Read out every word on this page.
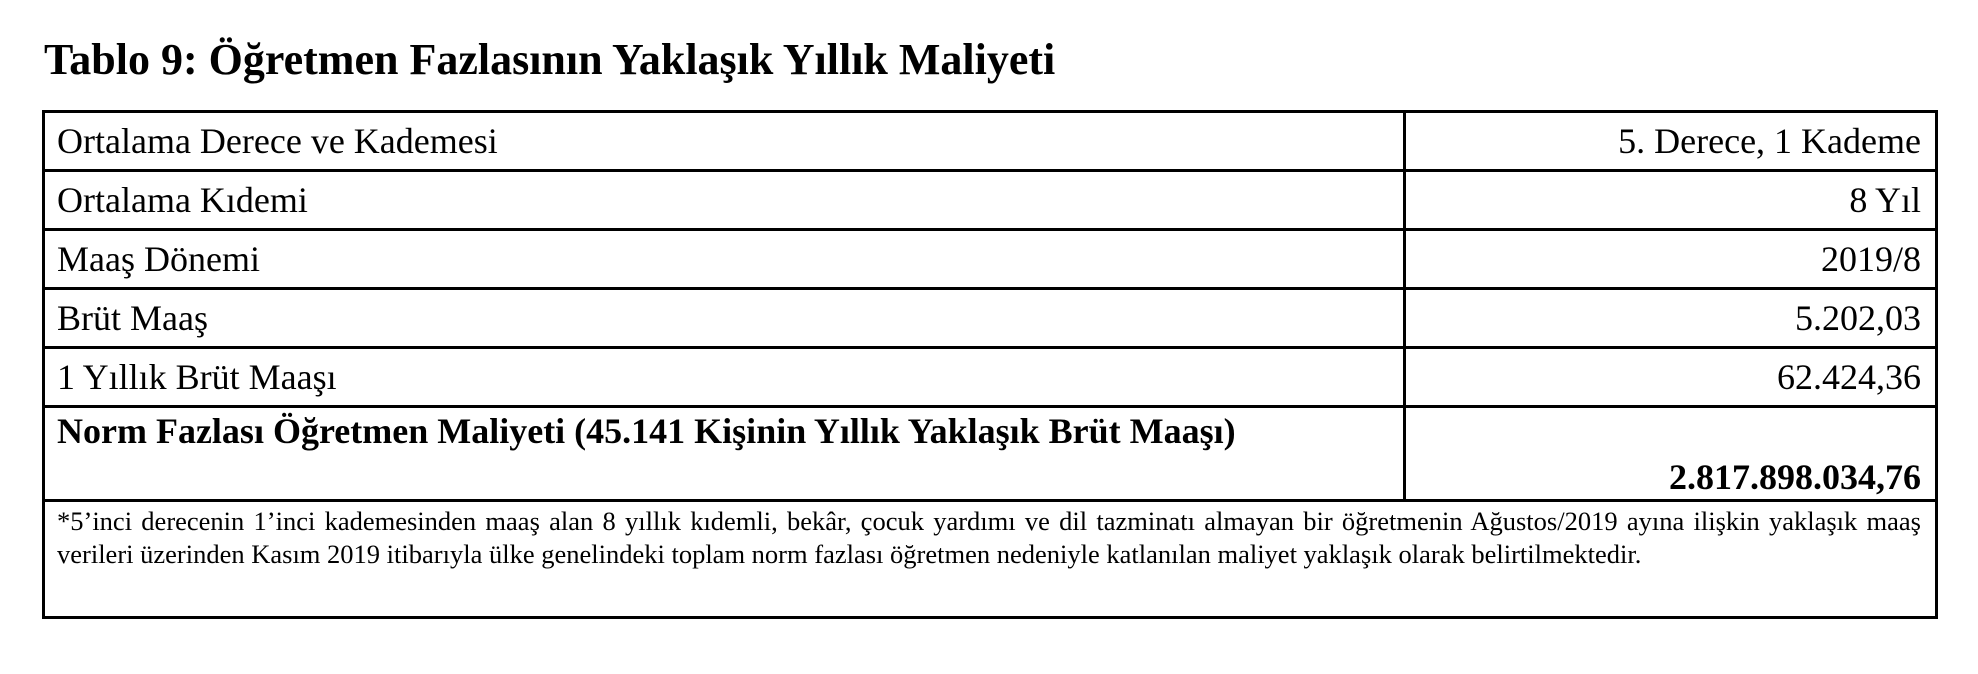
Tablo 9: Öğretmen Fazlasının Yaklaşık Yıllık Maliyeti
Ortalama Derece ve Kademesi	5. Derece, 1 Kademe
Ortalama Kıdemi	8 Yıl
Maaş Dönemi	2019/8
Brüt Maaş	5.202,03
1 Yıllık Brüt Maaşı	62.424,36
Norm Fazlası Öğretmen Maliyeti (45.141 Kişinin Yıllık Yaklaşık Brüt Maaşı)	2.817.898.034,76
*5’inci derecenin 1’inci kademesinden maaş alan 8 yıllık kıdemli, bekâr, çocuk yardımı ve dil tazminatı almayan bir öğretmenin Ağustos/2019 ayına ilişkin yaklaşık maaş verileri üzerinden Kasım 2019 itibarıyla ülke genelindeki toplam norm fazlası öğretmen nedeniyle katlanılan maliyet yaklaşık olarak belirtilmektedir.	
